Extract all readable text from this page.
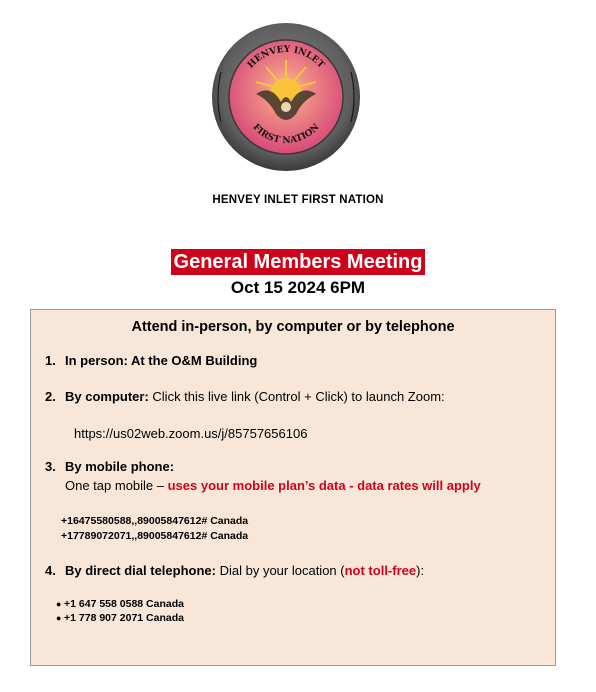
HENVEY INLET
FIRST NATION
HENVEY INLET FIRST NATION
General Members Meeting
Oct 15 2024 6PM
Attend in-person, by computer or by telephone
1. In person: At the O&M Building
2. By computer: Click this live link (Control + Click) to launch Zoom:
https://us02web.zoom.us/j/85757656106
3. By mobile phone:
One tap mobile – uses your mobile plan’s data - data rates will apply
+16475580588,,89005847612# Canada
+17789072071,,89005847612# Canada
4. By direct dial telephone: Dial by your location (not toll-free):
● +1 647 558 0588 Canada
● +1 778 907 2071 Canada
